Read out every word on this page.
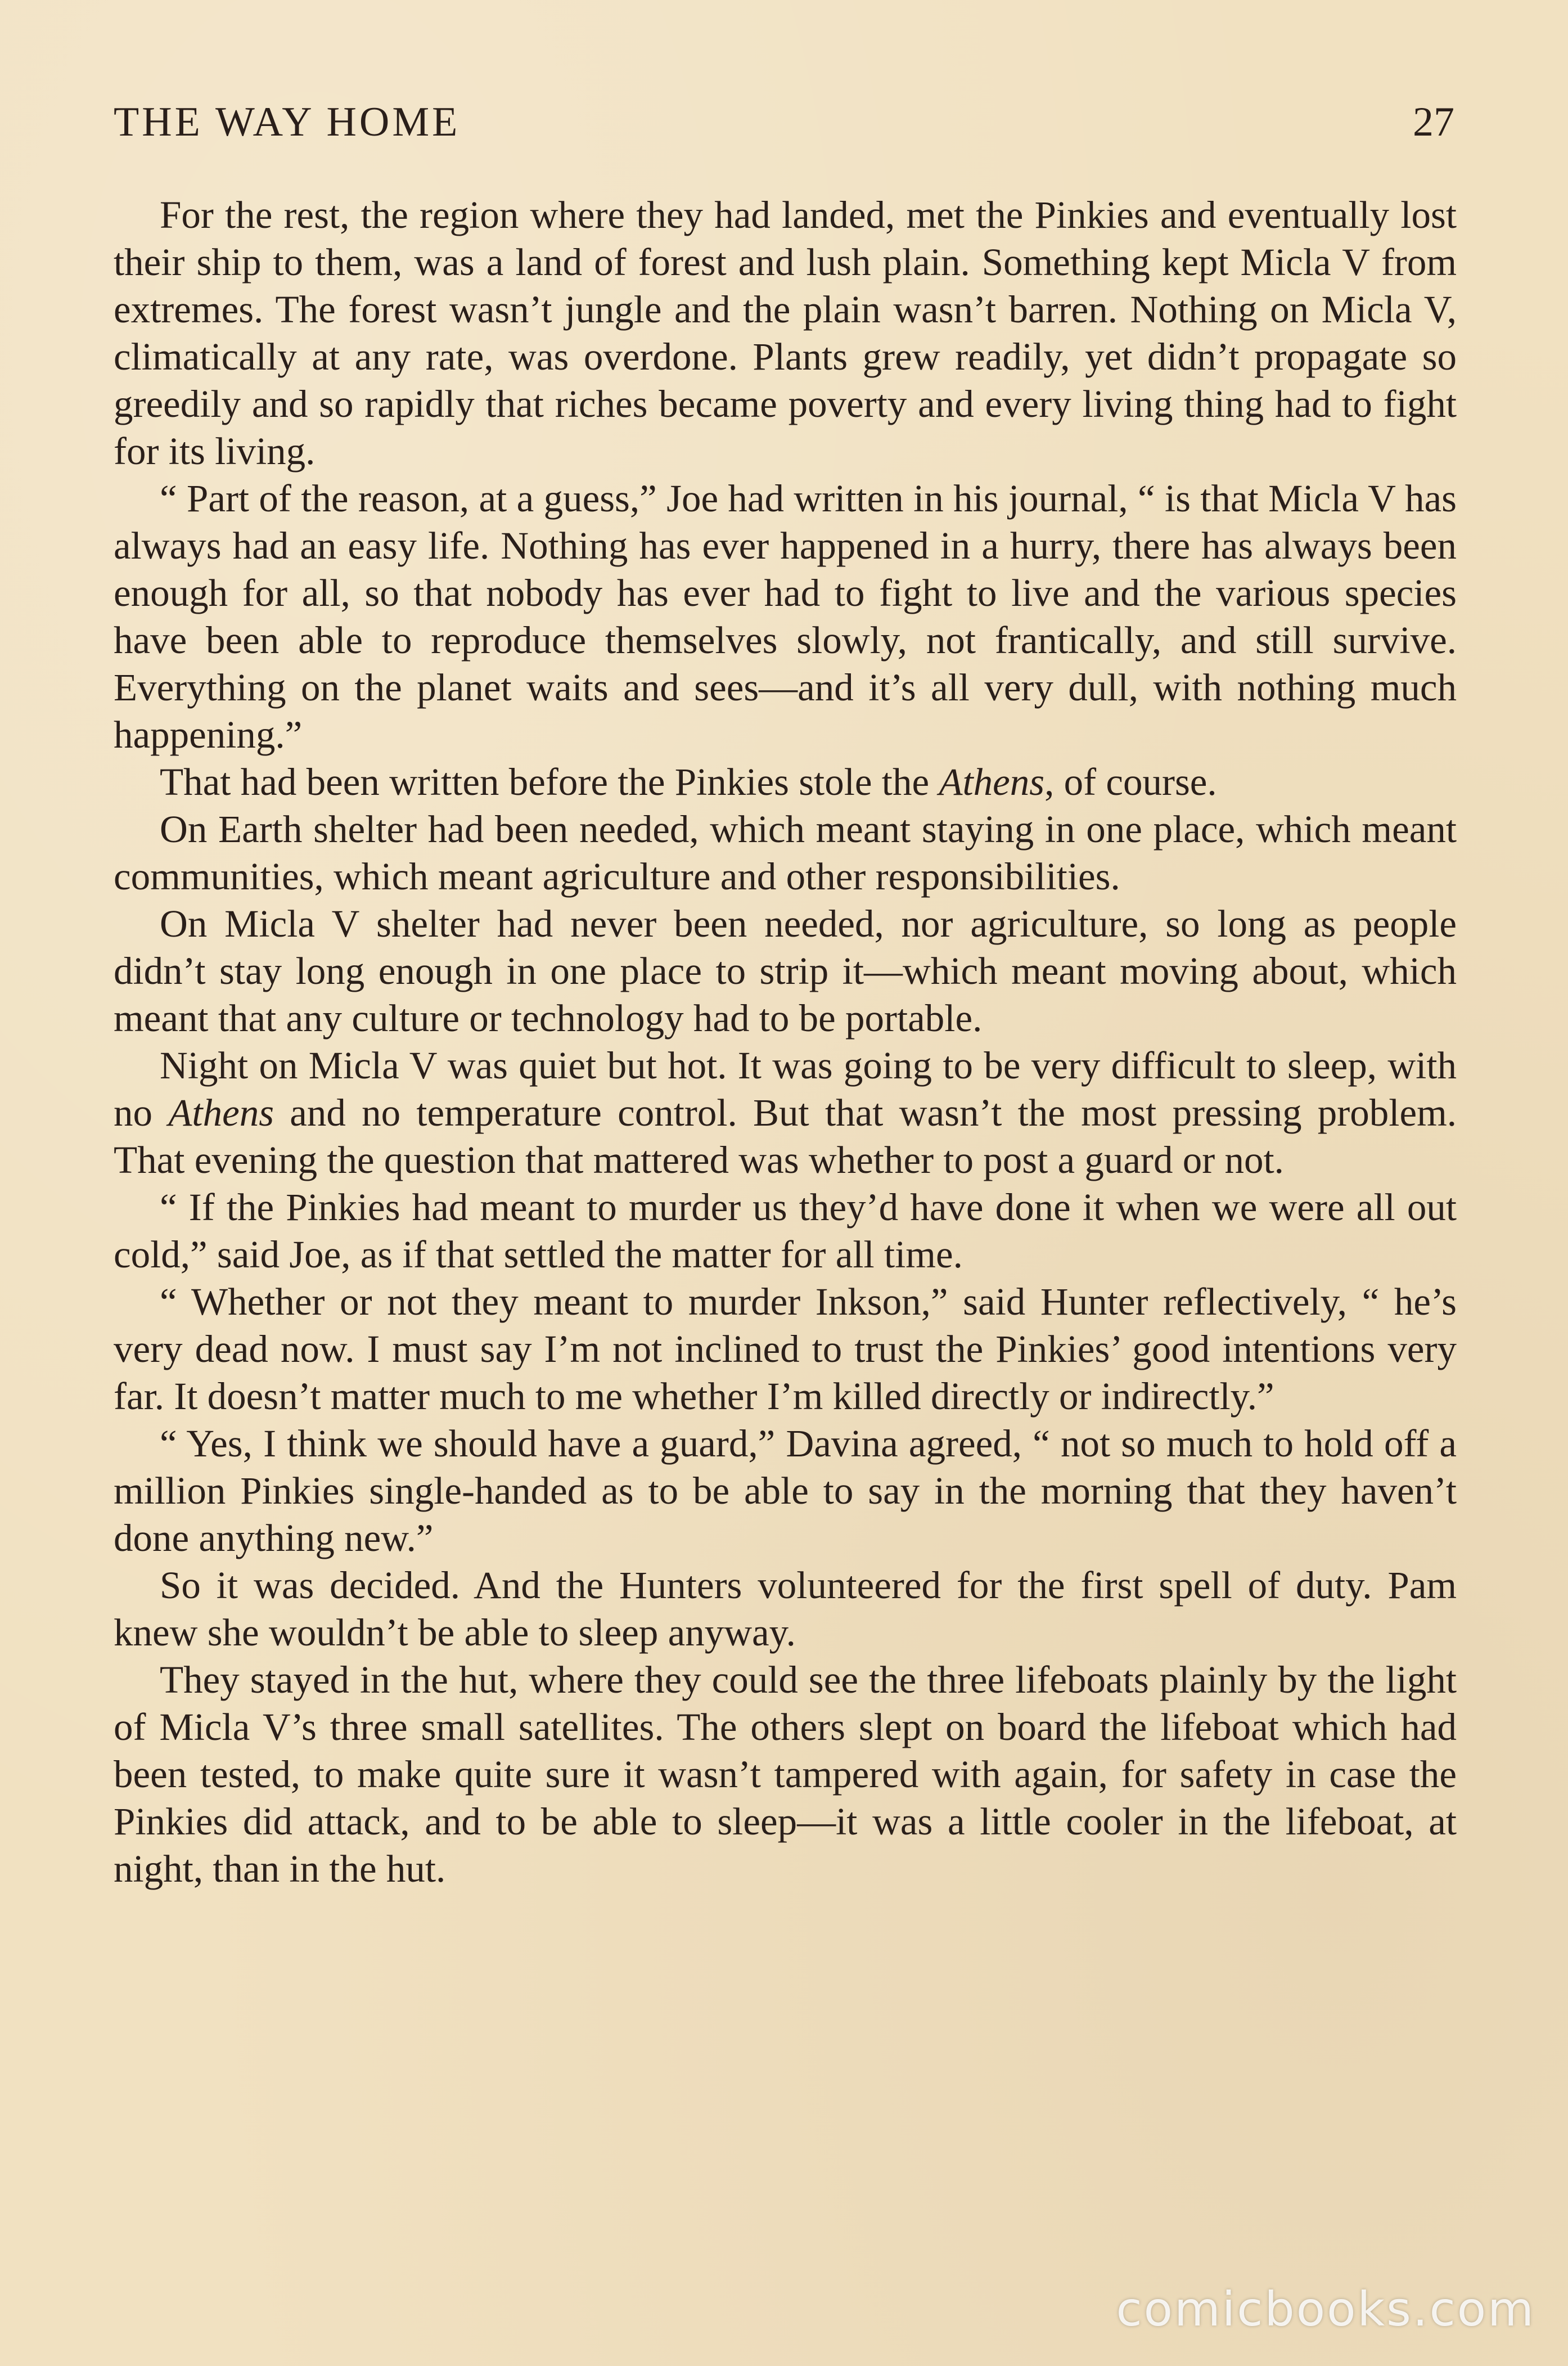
THE WAY HOME	27

For the rest, the region where they had landed, met the Pinkies and eventually lost their ship to them, was a land of forest and lush plain. Something kept Micla V from extremes. The forest wasn’t jungle and the plain wasn’t barren. Nothing on Micla V, climatically at any rate, was overdone. Plants grew readily, yet didn’t propagate so greedily and so rapidly that riches became poverty and every living thing had to fight for its living.

“ Part of the reason, at a guess,” Joe had written in his journal, “ is that Micla V has always had an easy life. Nothing has ever happened in a hurry, there has always been enough for all, so that nobody has ever had to fight to live and the various species have been able to reproduce themselves slowly, not frantically, and still survive. Everything on the planet waits and sees—and it’s all very dull, with nothing much happening.”

That had been written before the Pinkies stole the Athens, of course.

On Earth shelter had been needed, which meant staying in one place, which meant communities, which meant agriculture and other responsibilities.

On Micla V shelter had never been needed, nor agriculture, so long as people didn’t stay long enough in one place to strip it—which meant moving about, which meant that any culture or technology had to be portable.

Night on Micla V was quiet but hot. It was going to be very difficult to sleep, with no Athens and no temperature control. But that wasn’t the most pressing problem. That evening the question that mattered was whether to post a guard or not.

“ If the Pinkies had meant to murder us they’d have done it when we were all out cold,” said Joe, as if that settled the matter for all time.

“ Whether or not they meant to murder Inkson,” said Hunter reflectively, “ he’s very dead now. I must say I’m not inclined to trust the Pinkies’ good intentions very far. It doesn’t matter much to me whether I’m killed directly or indirectly.”

“ Yes, I think we should have a guard,” Davina agreed, “ not so much to hold off a million Pinkies single-handed as to be able to say in the morning that they haven’t done anything new.”

So it was decided. And the Hunters volunteered for the first spell of duty. Pam knew she wouldn’t be able to sleep anyway.

They stayed in the hut, where they could see the three lifeboats plainly by the light of Micla V’s three small satellites. The others slept on board the lifeboat which had been tested, to make quite sure it wasn’t tampered with again, for safety in case the Pinkies did attack, and to be able to sleep—it was a little cooler in the lifeboat, at night, than in the hut.

comicbooks.com
